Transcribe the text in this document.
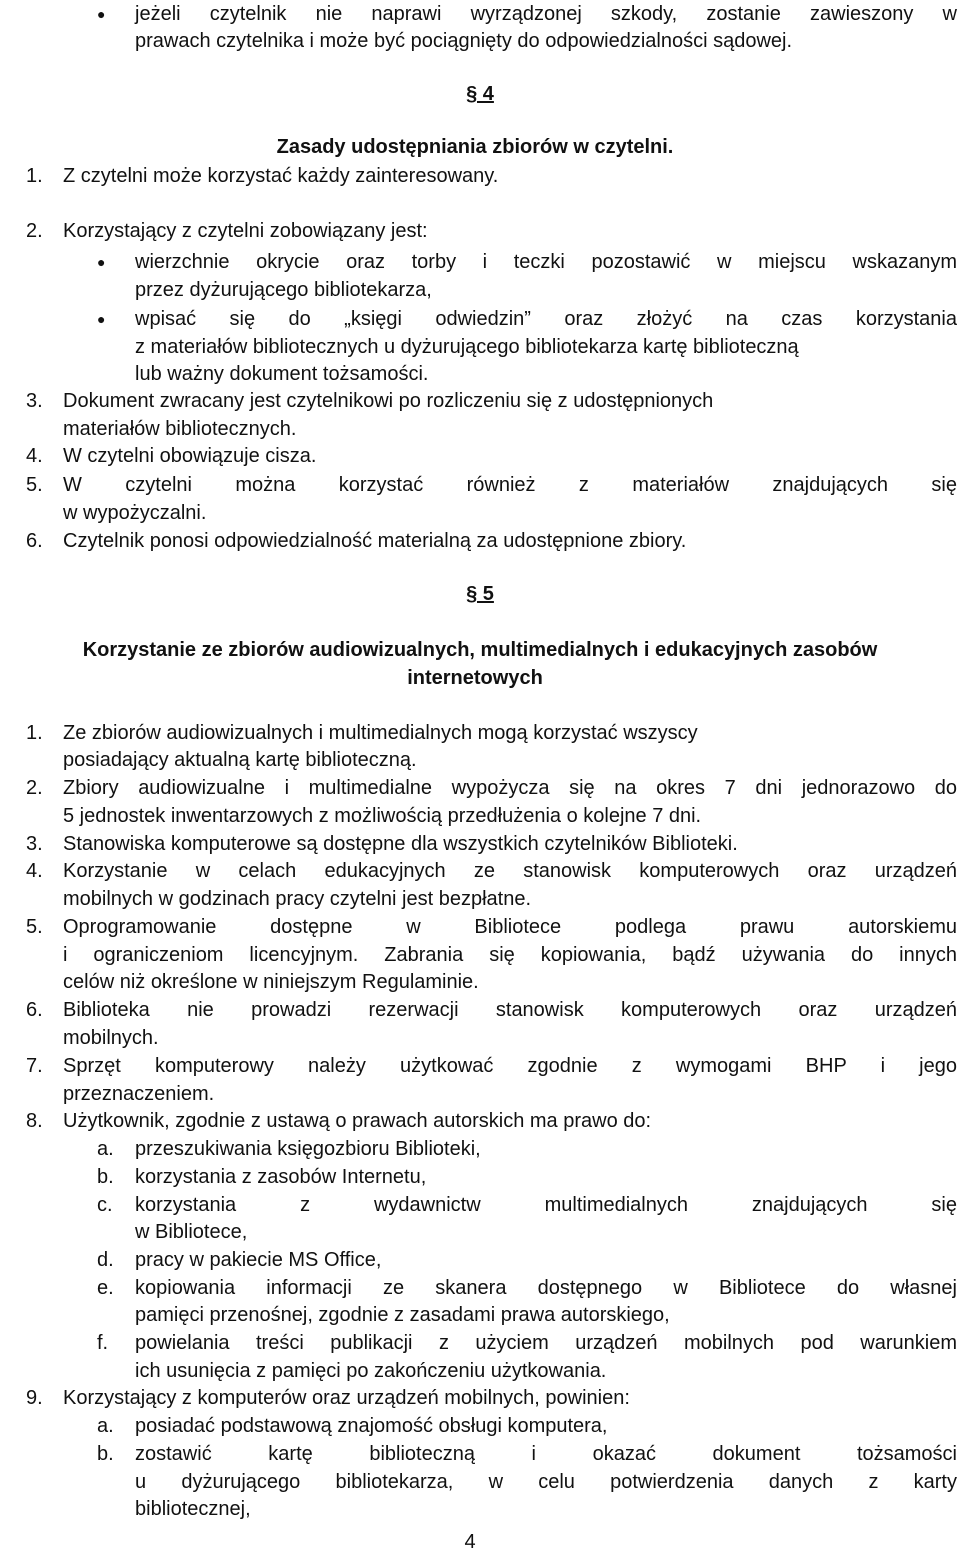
● jeżeli czytelnik nie naprawi wyrządzonej szkody, zostanie zawieszony w
prawach czytelnika i może być pociągnięty do odpowiedzialności sądowej.
§ 4
Zasady udostępniania zbiorów w czytelni.
1. Z czytelni może korzystać każdy zainteresowany.
2. Korzystający z czytelni zobowiązany jest:
● wierzchnie okrycie oraz torby i teczki pozostawić w miejscu wskazanym
przez dyżurującego bibliotekarza,
● wpisać się do „księgi odwiedzin” oraz złożyć na czas korzystania
z materiałów bibliotecznych u dyżurującego bibliotekarza kartę biblioteczną
lub ważny dokument tożsamości.
3. Dokument zwracany jest czytelnikowi po rozliczeniu się z udostępnionych
materiałów bibliotecznych.
4. W czytelni obowiązuje cisza.
5. W czytelni można korzystać również z materiałów znajdujących się
w wypożyczalni.
6. Czytelnik ponosi odpowiedzialność materialną za udostępnione zbiory.
§ 5
Korzystanie ze zbiorów audiowizualnych, multimedialnych i edukacyjnych zasobów
internetowych
1. Ze zbiorów audiowizualnych i multimedialnych mogą korzystać wszyscy
posiadający aktualną kartę biblioteczną.
2. Zbiory audiowizualne i multimedialne wypożycza się na okres 7 dni jednorazowo do
5 jednostek inwentarzowych z możliwością przedłużenia o kolejne 7 dni.
3. Stanowiska komputerowe są dostępne dla wszystkich czytelników Biblioteki.
4. Korzystanie w celach edukacyjnych ze stanowisk komputerowych oraz urządzeń
mobilnych w godzinach pracy czytelni jest bezpłatne.
5. Oprogramowanie dostępne w Bibliotece podlega prawu autorskiemu
i ograniczeniom licencyjnym. Zabrania się kopiowania, bądź używania do innych
celów niż określone w niniejszym Regulaminie.
6. Biblioteka nie prowadzi rezerwacji stanowisk komputerowych oraz urządzeń
mobilnych.
7. Sprzęt komputerowy należy użytkować zgodnie z wymogami BHP i jego
przeznaczeniem.
8. Użytkownik, zgodnie z ustawą o prawach autorskich ma prawo do:
a. przeszukiwania księgozbioru Biblioteki,
b. korzystania z zasobów Internetu,
c. korzystania z wydawnictw multimedialnych znajdujących się
w Bibliotece,
d. pracy w pakiecie MS Office,
e. kopiowania informacji ze skanera dostępnego w Bibliotece do własnej
pamięci przenośnej, zgodnie z zasadami prawa autorskiego,
f. powielania treści publikacji z użyciem urządzeń mobilnych pod warunkiem
ich usunięcia z pamięci po zakończeniu użytkowania.
9. Korzystający z komputerów oraz urządzeń mobilnych, powinien:
a. posiadać podstawową znajomość obsługi komputera,
b. zostawić kartę biblioteczną i okazać dokument tożsamości
u dyżurującego bibliotekarza, w celu potwierdzenia danych z karty
bibliotecznej,
4
